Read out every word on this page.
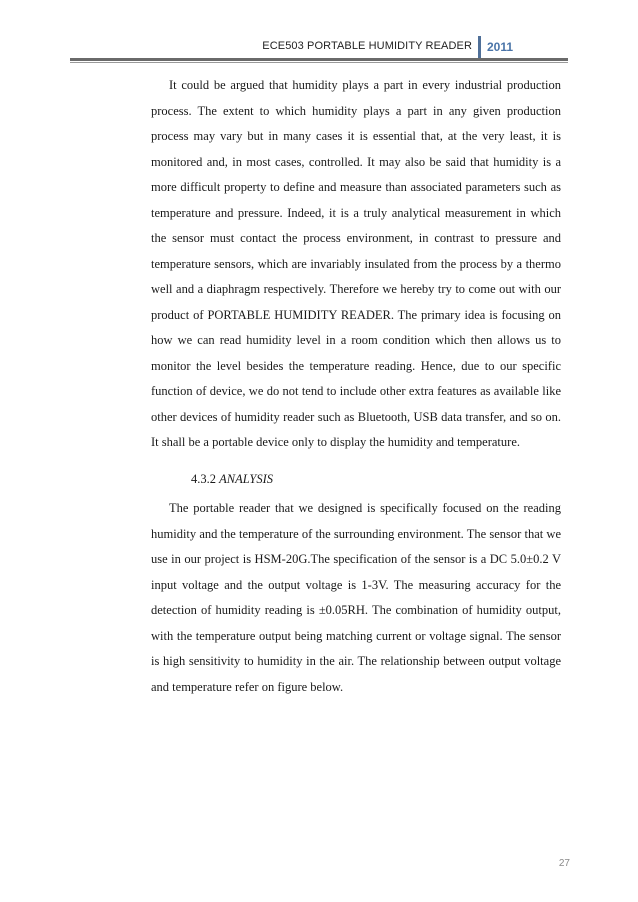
ECE503 PORTABLE HUMIDITY READER 2011

It could be argued that humidity plays a part in every industrial production process. The extent to which humidity plays a part in any given production process may vary but in many cases it is essential that, at the very least, it is monitored and, in most cases, controlled. It may also be said that humidity is a more difficult property to define and measure than associated parameters such as temperature and pressure. Indeed, it is a truly analytical measurement in which the sensor must contact the process environment, in contrast to pressure and temperature sensors, which are invariably insulated from the process by a thermo well and a diaphragm respectively. Therefore we hereby try to come out with our product of PORTABLE HUMIDITY READER. The primary idea is focusing on how we can read humidity level in a room condition which then allows us to monitor the level besides the temperature reading. Hence, due to our specific function of device, we do not tend to include other extra features as available like other devices of humidity reader such as Bluetooth, USB data transfer, and so on. It shall be a portable device only to display the humidity and temperature.

4.3.2 ANALYSIS

The portable reader that we designed is specifically focused on the reading humidity and the temperature of the surrounding environment. The sensor that we use in our project is HSM-20G.The specification of the sensor is a DC 5.0±0.2 V input voltage and the output voltage is 1-3V. The measuring accuracy for the detection of humidity reading is ±0.05RH. The combination of humidity output, with the temperature output being matching current or voltage signal. The sensor is high sensitivity to humidity in the air. The relationship between output voltage and temperature refer on figure below.

27
